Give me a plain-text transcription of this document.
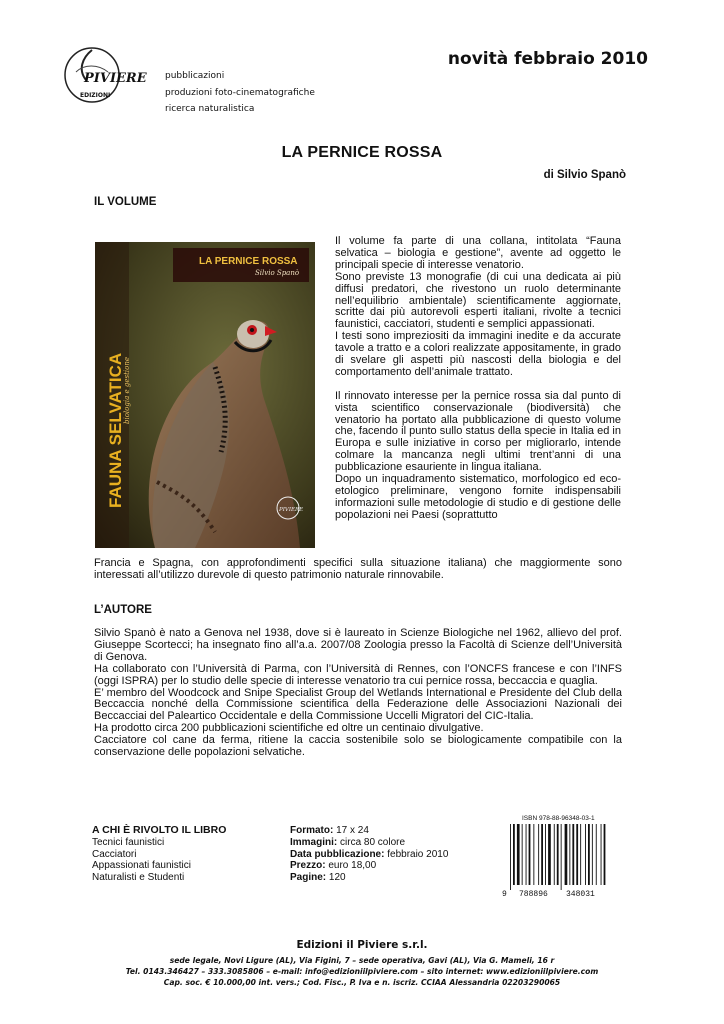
PIVIERE
EDIZIONI
pubblicazioni
produzioni foto-cinematografiche
ricerca naturalistica
novità febbraio 2010
LA PERNICE ROSSA
di Silvio Spanò
IL VOLUME
LA PERNICE ROSSA
Silvio Spanò
FAUNA SELVATICA
biologia e gestione
PIVIERE

Il volume fa parte di una collana, intitolata “Fauna selvatica – biologia e gestione”, avente ad oggetto le principali specie di interesse venatorio.

Sono previste 13 monografie (di cui una dedicata ai più diffusi predatori, che rivestono un ruolo determinante nell’equilibrio ambientale) scientificamente aggiornate, scritte dai più autorevoli esperti italiani, rivolte a tecnici faunistici, cacciatori, studenti e semplici appassionati.

I testi sono impreziositi da immagini inedite e da accurate tavole a tratto e a colori realizzate appositamente, in grado di svelare gli aspetti più nascosti della biologia e del comportamento dell’animale trattato.

Il rinnovato interesse per la pernice rossa sia dal punto di vista scientifico conservazionale (biodiversità) che venatorio ha portato alla pubblicazione di questo volume che, facendo il punto sullo status della specie in Italia ed in Europa e sulle iniziative in corso per migliorarlo, intende colmare la mancanza negli ultimi trent’anni di una pubblicazione esauriente in lingua italiana.

Dopo un inquadramento sistematico, morfologico ed eco-etologico preliminare, vengono fornite indispensabili informazioni sulle metodologie di studio e di gestione delle popolazioni nei Paesi (soprattutto

Francia e Spagna, con approfondimenti specifici sulla situazione italiana) che maggiormente sono interessati all’utilizzo durevole di questo patrimonio naturale rinnovabile.

L’AUTORE

Silvio Spanò è nato a Genova nel 1938, dove si è laureato in Scienze Biologiche nel 1962, allievo del prof. Giuseppe Scortecci; ha insegnato fino all’a.a. 2007/08 Zoologia presso la Facoltà di Scienze dell’Università di Genova.

Ha collaborato con l’Università di Parma, con l’Università di Rennes, con l’ONCFS francese e con l’INFS (oggi ISPRA) per lo studio delle specie di interesse venatorio tra cui pernice rossa, beccaccia e quaglia.

E’ membro del Woodcock and Snipe Specialist Group del Wetlands International e Presidente del Club della Beccaccia nonché della Commissione scientifica della Federazione delle Associazioni Nazionali dei Beccacciai del Paleartico Occidentale e della Commissione Uccelli Migratori del CIC-Italia.

Ha prodotto circa 200 pubblicazioni scientifiche ed oltre un centinaio divulgative.

Cacciatore col cane da ferma, ritiene la caccia sostenibile solo se biologicamente compatibile con la conservazione delle popolazioni selvatiche.

A CHI È RIVOLTO IL LIBRO
Tecnici faunistici
Cacciatori
Appassionati faunistici
Naturalisti e Studenti
Formato: 17 x 24
Immagini: circa 80 colore
Data pubblicazione: febbraio 2010
Prezzo: euro 18,00
Pagine: 120
ISBN 978-88-96348-03-1
9 788896 348031
Edizioni il Piviere s.r.l.
sede legale, Novi Ligure (AL), Via Figini, 7 – sede operativa, Gavi (AL), Via G. Mameli, 16 r
Tel. 0143.346427 – 333.3085806 – e-mail: info@edizioniilpiviere.com – sito internet: www.edizioniilpiviere.com
Cap. soc. € 10.000,00 int. vers.; Cod. Fisc., P. Iva e n. iscriz. CCIAA Alessandria 02203290065
